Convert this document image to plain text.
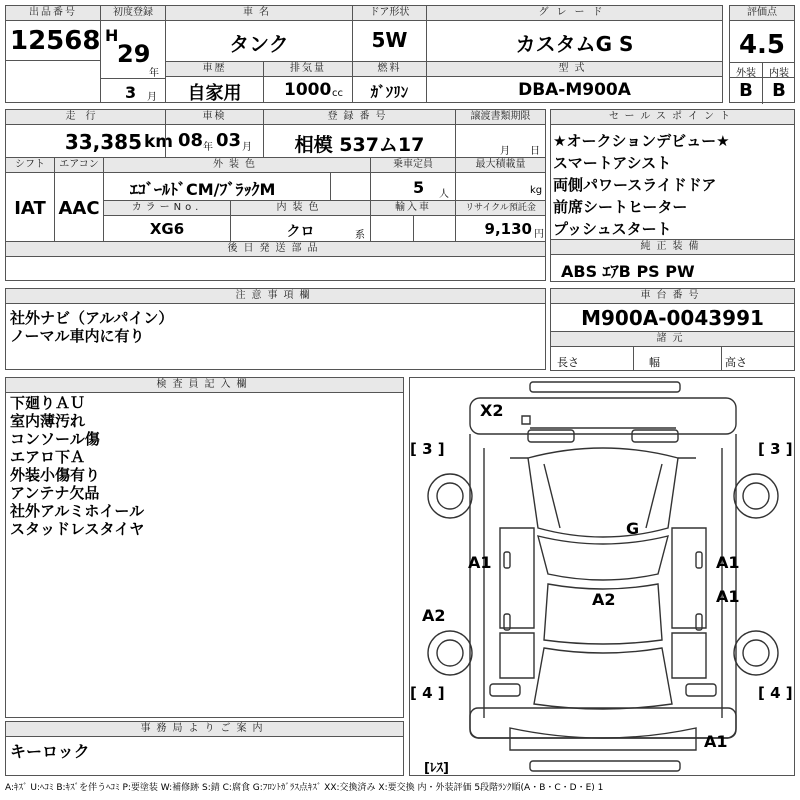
出品番号
12568
初度登録
H
29
年
3 月
車名
タンク
ドア形状
5W
グレード
カスタムG S
評価点
4.5
外装	内装
B	B
車歴
自家用
排気量
1000 cc
燃料
ｶﾞｿﾘﾝ
型式
DBA-M900A
走行
33,385 km
車検
08 年 03 月
登録番号
相模 537ム17
譲渡書類期限
月 日
セールスポイント
★オークションデビュー★
スマートアシスト
両側パワースライドドア
前席シートヒーター
プッシュスタート
シフト
IAT
エアコン
AAC
外装色
ｴｺﾞｰﾙﾄﾞCM/ﾌﾞﾗｯｸM
乗車定員
5 人
最大積載量
kg
カラーNo.
XG6
内装色
クロ	系
輸入車	リサイクル預託金
9,130 円
後日発送部品	純正装備
ABS ｴｱB PS PW
注意事項欄
社外ナビ（アルパイン）
ノーマル車内に有り
車台番号
M900A-0043991
諸元
長さ	幅	高さ
検査員記入欄
下廻りＡＵ
室内薄汚れ
コンソール傷
エアロ下Ａ
外装小傷有り
アンテナ欠品
社外アルミホイール
スタッドレスタイヤ
事務局よりご案内
キーロック
[ 3 ]	[ 3 ]
[ 4 ]	[ 4 ]
[ﾚｽ]
X2
G
A1	A1
A1
A2
A2
A1
A:ｷｽﾞ U:ﾍｺﾐ B:ｷｽﾞを伴うﾍｺﾐ P:要塗装 W:補修跡 S:錆 C:腐食 G:ﾌﾛﾝﾄｶﾞﾗｽ点ｷｽﾞ XX:交換済み X:要交換 内・外装評価 5段階ﾗﾝｸ順(A・B・C・D・E) 1
